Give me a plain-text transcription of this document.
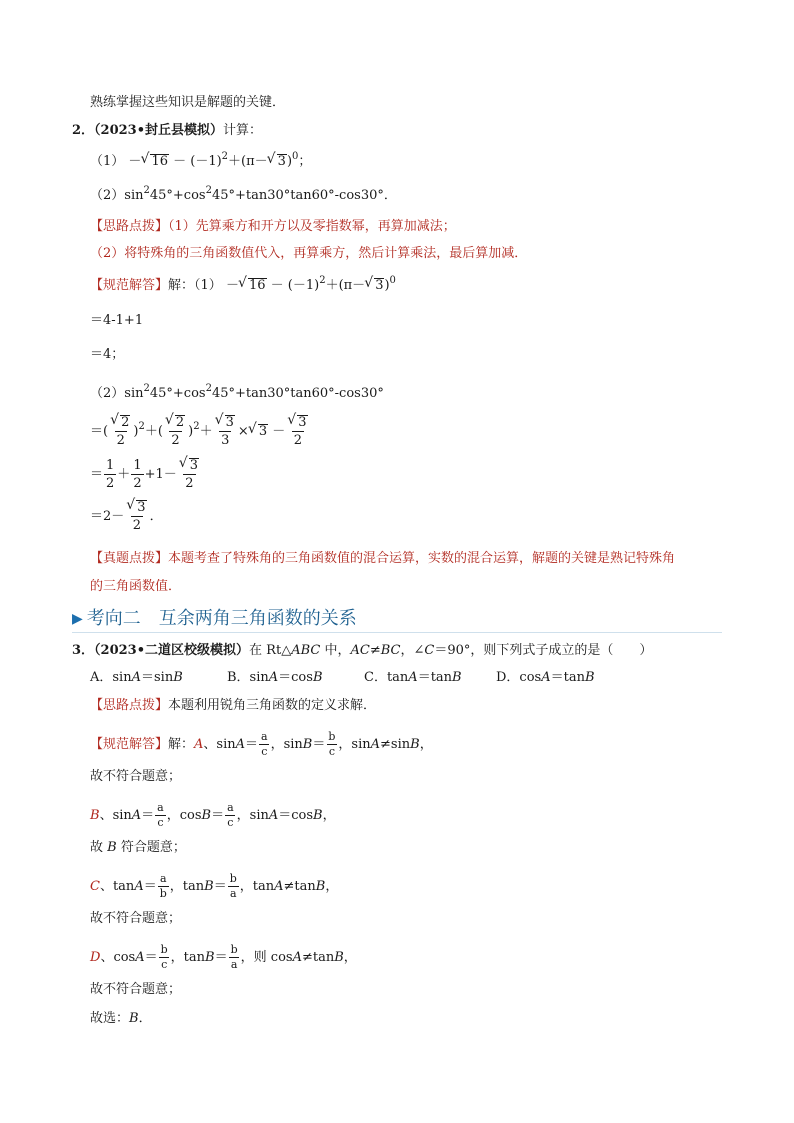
熟练掌握这些知识是解题的关键．
2．（2023•封丘县模拟）计算：
（1） －√ $16 - (-1)^2+(\pi-√$ 3)$^0$；
$(2)\sin^245^\circ+\cos^245^\circ+\tan 30^\circ\tan 60^\circ-\cos 30^\circ$．
【思路点拨】（1）先算乘方和开方以及零指数幂，再算加减法；
（2）将特殊角的三角函数值代入，再算乘方，然后计算乘法，最后算加减．
【规范解答】解：（1） －√ $16 - (-1)^2+(\pi-√$ 3)$^0$
＝4-1+1
＝4；
$(2)\sin^245^\circ+\cos^245^\circ+\tan 30^\circ\tan 60^\circ-\cos 30^\circ$
＝(
√ $\frac{2}{2} )^2+$(
√ $\frac{2}{2} )^2+$
√ $\frac{3}{3}$ ×√ 3 －
√ $\frac{3}{2}$
＝ $\frac{1}{2} + \frac{1}{2} +1-$
√ $\frac{3}{2}$
＝2－
√ $\frac{3}{2}$ ．
【真题点拨】本题考查了特殊角的三角函数值的混合运算，实数的混合运算，解题的关键是熟记特殊角
的三角函数值．
▶ 考向二　互余两角三角函数的关系
3．（2023•二道区校级模拟）在 Rt△ABC 中，AC≠BC，∠C＝90°，则下列式子成立的是（　　）
A．sinA＝sinB	B．sinA＝cosB	C．tanA＝tanB	D．cosA＝tanB
【思路点拨】本题利用锐角三角函数的定义求解．
【规范解答】解：A、$\sin A= \frac{a}{c}$ ，$\sin B= \frac{b}{c}$ ，sinA≠sinB，
故不符合题意；
B、$\sin A= \frac{a}{c}$ ，$\cos B= \frac{a}{c}$ ，sinA＝cosB，
故 B 符合题意；
C、$\tan A= \frac{a}{b}$ ，$\tan B= \frac{b}{a}$ ，tanA≠tanB，
故不符合题意；
D、$\cos A= \frac{b}{c}$ ，$\tan B= \frac{b}{a}$ ，则 cosA≠tanB，
故不符合题意；
故选：B．
